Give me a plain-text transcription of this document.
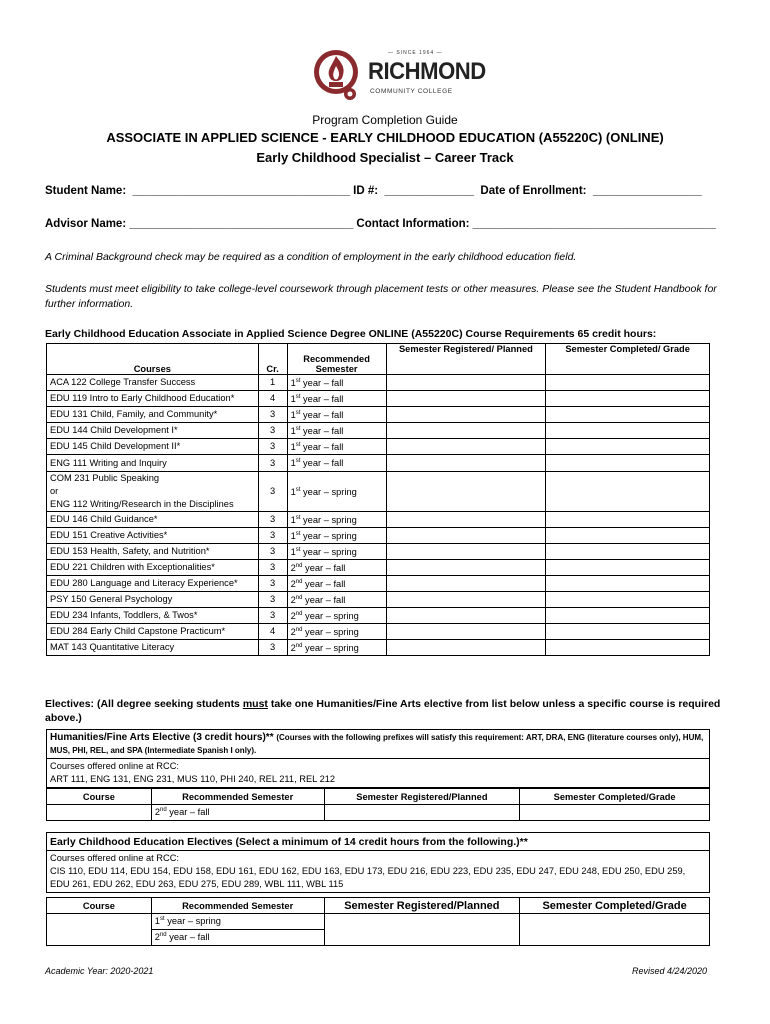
— SINCE 1964 —
RICHMOND
COMMUNITY COLLEGE
Program Completion Guide
ASSOCIATE IN APPLIED SCIENCE - EARLY CHILDHOOD EDUCATION (A55220C) (ONLINE)
Early Childhood Specialist – Career Track
Student Name:  __________________________________ ID #:  ______________  Date of Enrollment:  _________________
Advisor Name: ___________________________________ Contact Information: ______________________________________
A Criminal Background check may be required as a condition of employment in the early childhood education field.
Students must meet eligibility to take college-level coursework through placement tests or other measures. Please see the Student Handbook for further information.
Early Childhood Education Associate in Applied Science Degree ONLINE (A55220C) Course Requirements 65 credit hours:
Courses	Cr.	Recommended Semester	Semester Registered/ Planned	Semester Completed/ Grade
ACA 122 College Transfer Success	1	1st year – fall		
EDU 119 Intro to Early Childhood Education*	4	1st year – fall		
EDU 131 Child, Family, and Community*	3	1st year – fall		
EDU 144 Child Development I*	3	1st year – fall		
EDU 145 Child Development II*	3	1st year – fall		
ENG 111 Writing and Inquiry	3	1st year – fall		
COM 231 Public Speaking
or
ENG 112 Writing/Research in the Disciplines	3	1st year – spring		
EDU 146 Child Guidance*	3	1st year – spring		
EDU 151 Creative Activities*	3	1st year – spring		
EDU 153 Health, Safety, and Nutrition*	3	1st year – spring		
EDU 221 Children with Exceptionalities*	3	2nd year – fall		
EDU 280 Language and Literacy Experience*	3	2nd year – fall		
PSY 150 General Psychology	3	2nd year – fall		
EDU 234 Infants, Toddlers, & Twos*	3	2nd year – spring		
EDU 284 Early Child Capstone Practicum*	4	2nd year – spring		
MAT 143 Quantitative Literacy	3	2nd year – spring		
Electives: (All degree seeking students must take one Humanities/Fine Arts elective from list below unless a specific course is required above.)
Humanities/Fine Arts Elective (3 credit hours)** (Courses with the following prefixes will satisfy this requirement: ART, DRA, ENG (literature courses only), HUM, MUS, PHI, REL, and SPA (Intermediate Spanish I only).
Courses offered online at RCC:
ART 111, ENG 131, ENG 231, MUS 110, PHI 240, REL 211, REL 212
Course	Recommended Semester	Semester Registered/Planned	Semester Completed/Grade
	2nd year – fall		
Early Childhood Education Electives (Select a minimum of 14 credit hours from the following.)**
Courses offered online at RCC:
CIS 110, EDU 114, EDU 154, EDU 158, EDU 161, EDU 162, EDU 163, EDU 173, EDU 216, EDU 223, EDU 235, EDU 247, EDU 248, EDU 250, EDU 259, EDU 261, EDU 262, EDU 263, EDU 275, EDU 289, WBL 111, WBL 115
Course	Recommended Semester	Semester Registered/Planned	Semester Completed/Grade
	1st year – spring		
	2nd year – fall		
Academic Year: 2020-2021	Revised 4/24/2020
